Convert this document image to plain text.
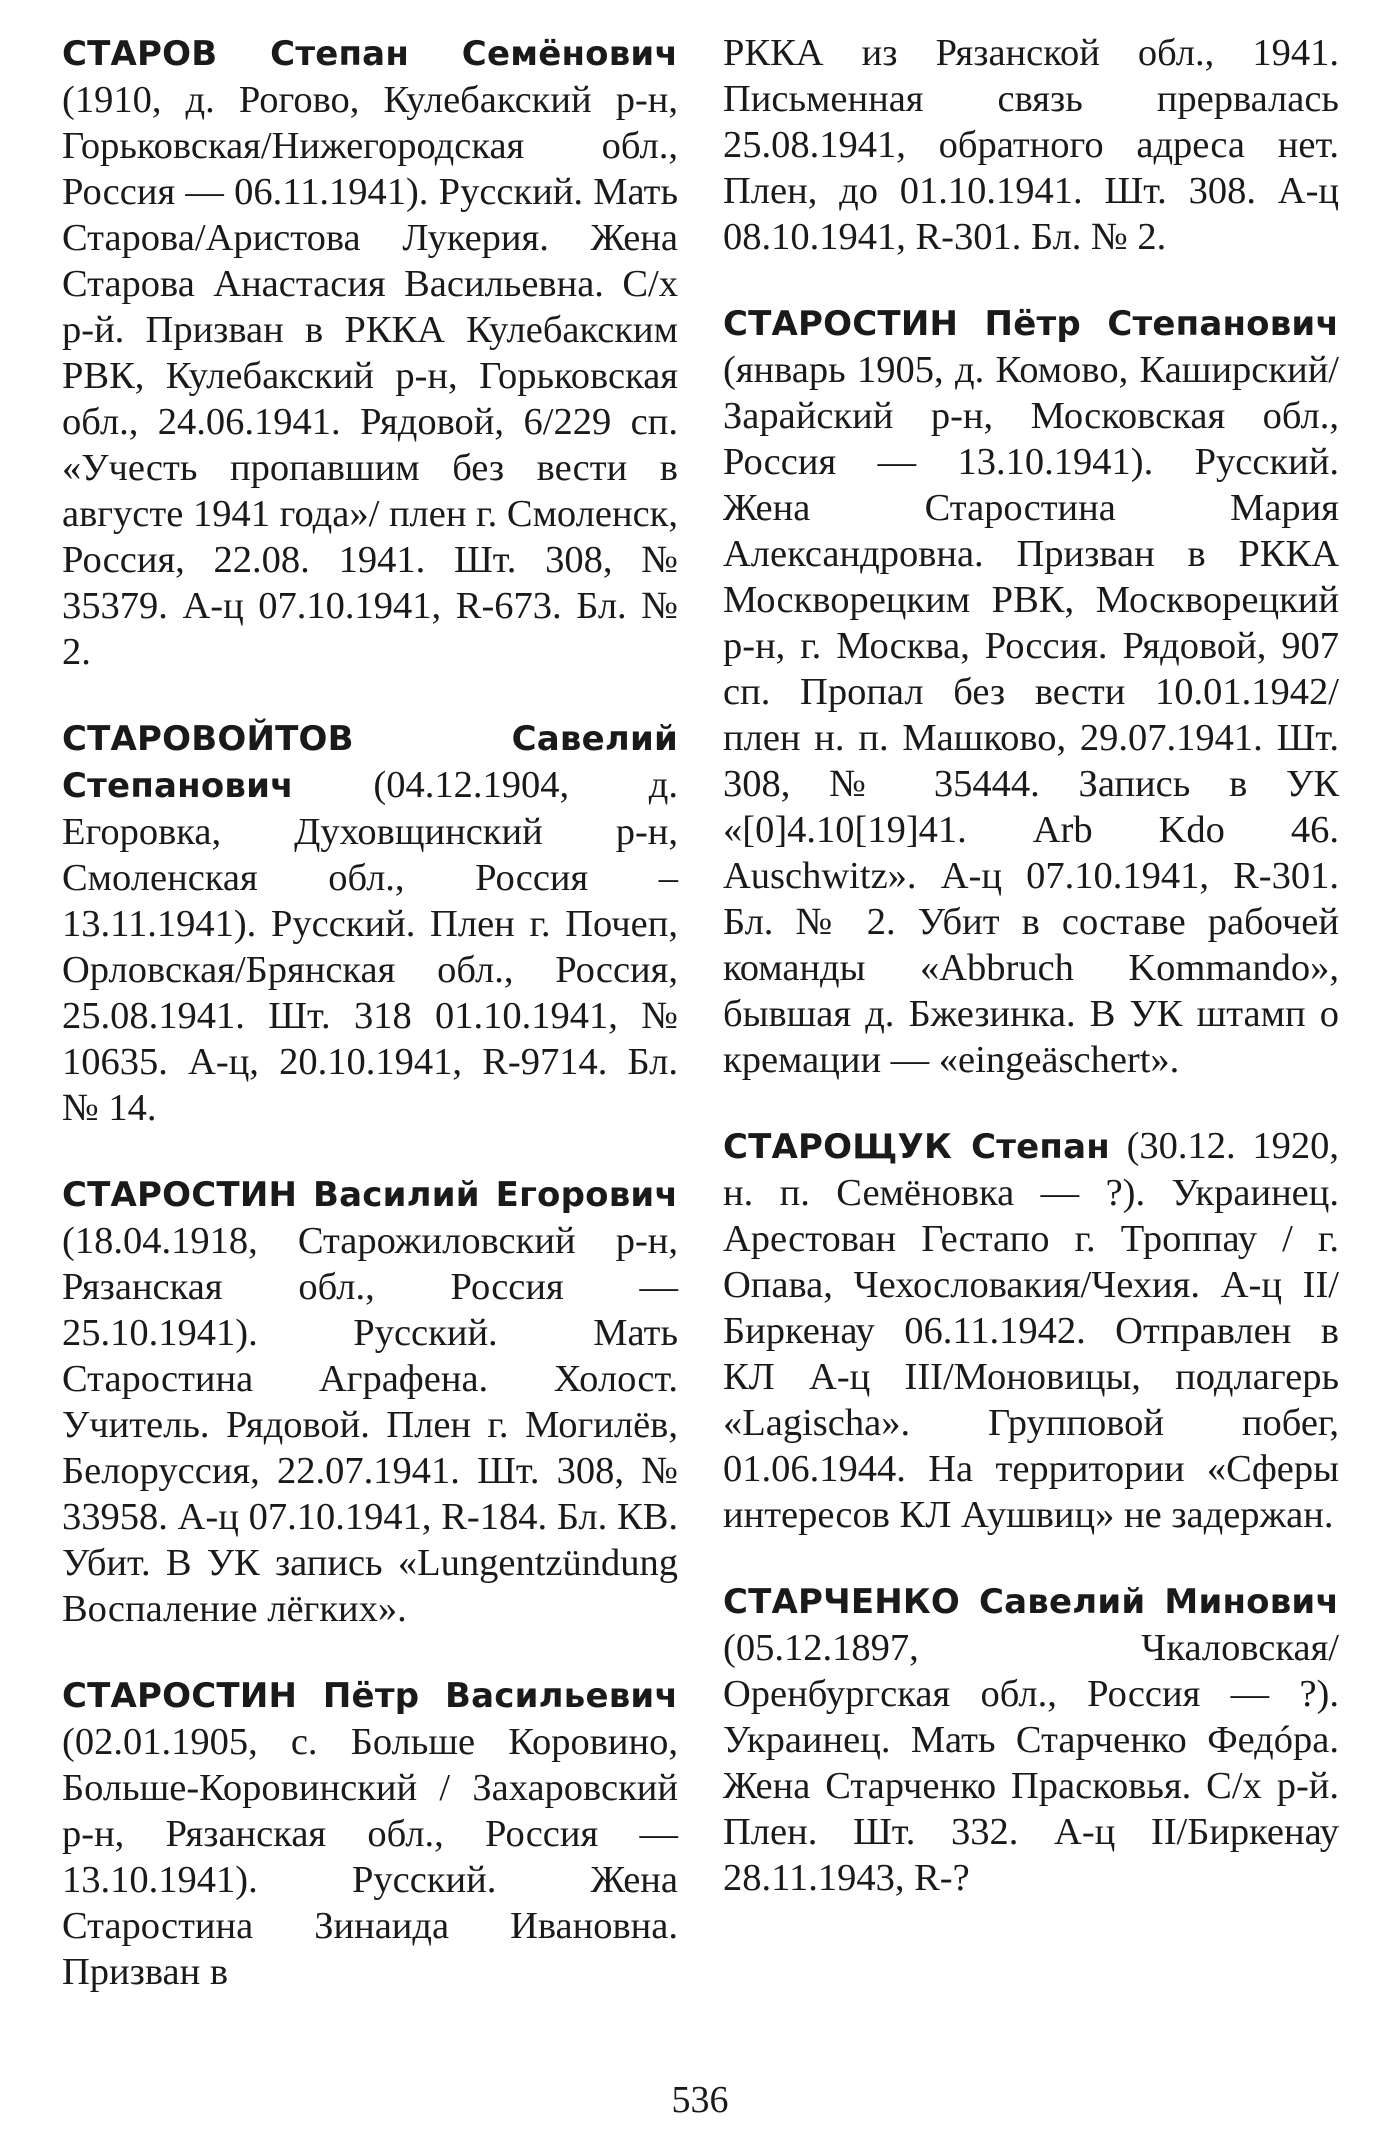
СТАРОВ Степан Семёнович (1910, д. Рогово, Кулебакский р-н, Горьковская/Нижегородская обл., Россия — 06.11.1941). Русский. Мать Старова/Аристова Лукерия. Жена Старова Анастасия Васильевна. С/х р-й. Призван в РККА Кулебакским РВК, Кулебакский р-н, Горьковская обл., 24.06.1941. Рядовой, 6/229 сп. «Учесть пропавшим без вести в августе 1941 года»/ плен г. Смоленск, Россия, 22.08. 1941. Шт. 308, № 35379. А-ц 07.10.1941, R-673. Бл. № 2.

СТАРОВОЙТОВ Савелий Степанович (04.12.1904, д. Егоровка, Духовщинский р-н, Смоленская обл., Россия – 13.11.1941). Русский. Плен г. Почеп, Орловская/Брянская обл., Россия, 25.08.1941. Шт. 318 01.10.1941, № 10635. А-ц, 20.10.1941, R-9714. Бл. № 14.

СТАРОСТИН Василий Егорович (18.04.1918, Старожиловский р-н, Рязанская обл., Россия — 25.10.1941). Русский. Мать Старостина Аграфена. Холост. Учитель. Рядовой. Плен г. Могилёв, Белоруссия, 22.07.1941. Шт. 308, № 33958. А-ц 07.10.1941, R-184. Бл. КВ. Убит. В УК запись «Lungentzündung Воспаление лёгких».

СТАРОСТИН Пётр Васильевич (02.01.1905, с. Больше Коровино, Больше-Коровинский / Захаровский р-н, Рязанская обл., Россия — 13.10.1941). Русский. Жена Старостина Зинаида Ивановна. Призван в

РККА из Рязанской обл., 1941. Письменная связь прервалась 25.08.1941, обратного адреса нет. Плен, до 01.10.1941. Шт. 308. А-ц 08.10.1941, R-301. Бл. № 2.

СТАРОСТИН Пётр Степанович (январь 1905, д. Комово, Каширский/Зарайский р-н, Московская обл., Россия — 13.10.1941). Русский. Жена Старостина Мария Александровна. Призван в РККА Москворецким РВК, Москворецкий р-н, г. Москва, Россия. Рядовой, 907 сп. Пропал без вести 10.01.1942/ плен н. п. Машково, 29.07.1941. Шт. 308, № 35444. Запись в УК «[0]4.10[19]41. Arb Kdo 46. Auschwitz». А-ц 07.10.1941, R-301. Бл. № 2. Убит в составе рабочей команды «Abbruch Kommando», бывшая д. Бжезинка. В УК штамп о кремации — «eingeäschert».

СТАРОЩУК Степан (30.12. 1920, н. п. Семёновка — ?). Украинец. Арестован Гестапо г. Троппау / г. Опава, Чехословакия/Чехия. А-ц II/Биркенау 06.11.1942. Отправлен в КЛ А-ц III/Моновицы, подлагерь «Lagischa». Групповой побег, 01.06.1944. На территории «Сферы интересов КЛ Аушвиц» не задержан.

СТАРЧЕНКО Савелий Минович (05.12.1897, Чкаловская/ Оренбургская обл., Россия — ?). Украинец. Мать Старченко Федóра. Жена Старченко Прасковья. С/х р-й. Плен. Шт. 332. А-ц II/Биркенау 28.11.1943, R-?

536
